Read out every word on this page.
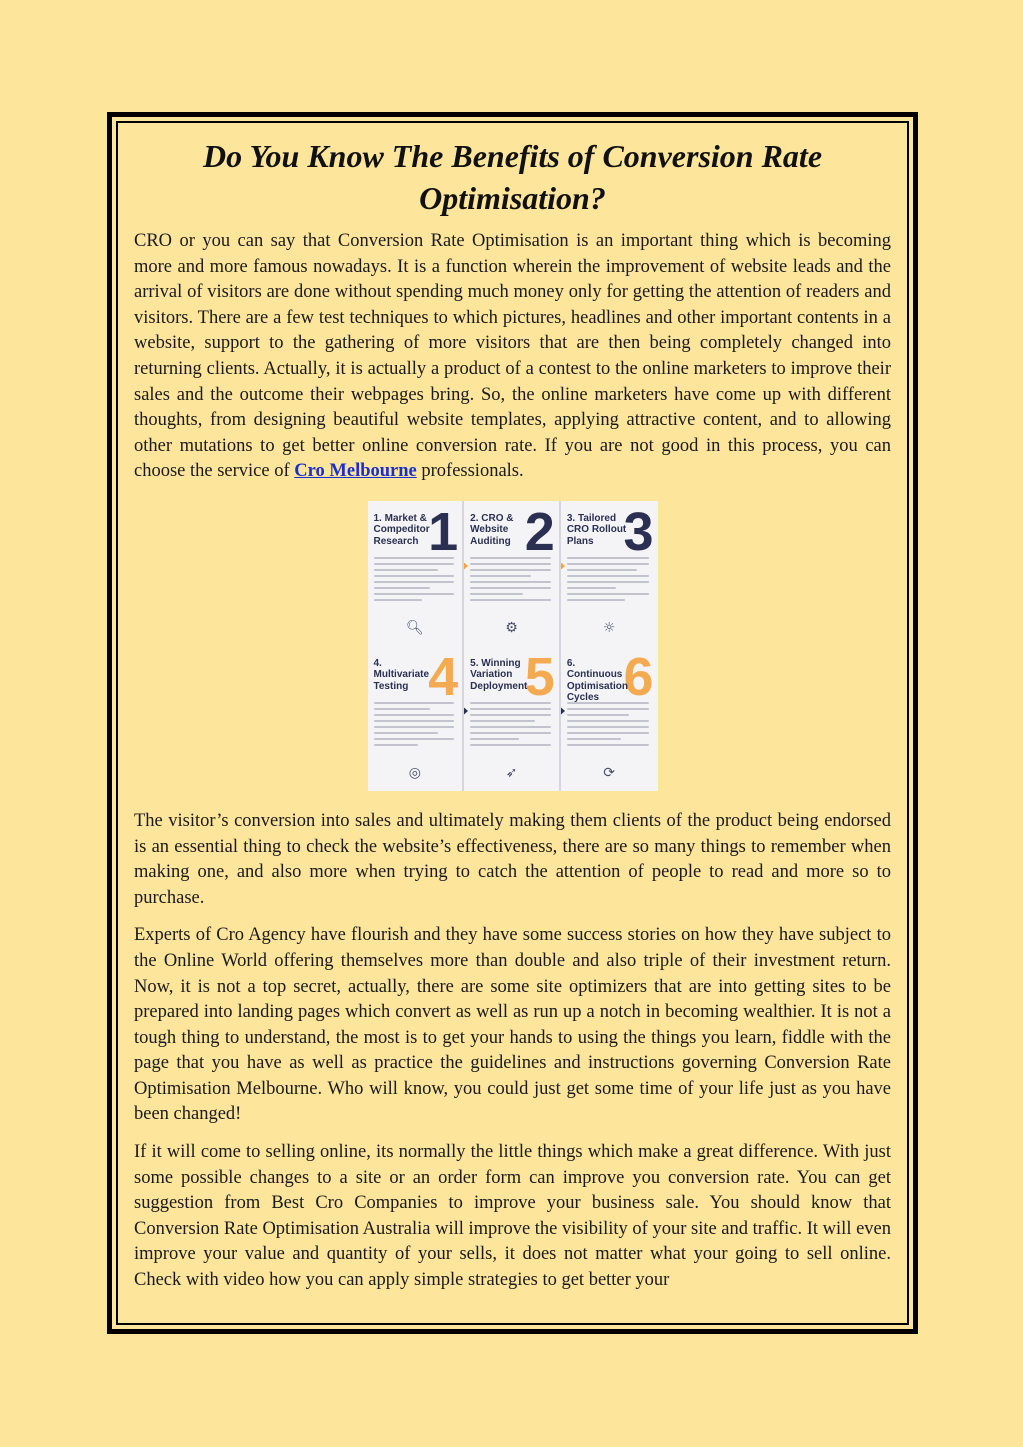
Do You Know The Benefits of Conversion Rate Optimisation?

CRO or you can say that Conversion Rate Optimisation is an important thing which is becoming more and more famous nowadays. It is a function wherein the improvement of website leads and the arrival of visitors are done without spending much money only for getting the attention of readers and visitors. There are a few test techniques to which pictures, headlines and other important contents in a website, support to the gathering of more visitors that are then being completely changed into returning clients. Actually, it is actually a product of a contest to the online marketers to improve their sales and the outcome their webpages bring. So, the online marketers have come up with different thoughts, from designing beautiful website templates, applying attractive content, and to allowing other mutations to get better online conversion rate. If you are not good in this process, you can choose the service of Cro Melbourne professionals.

1
1. Market & Compeditor Research
🔍︎
2
2. CRO & Website Auditing
⚙
3
3. Tailored CRO Rollout Plans
☼
4
4. Multivariate Testing
◎
5
5. Winning Variation Deployment
➶
6
6. Continuous Optimisation Cycles
⟳

The visitor’s conversion into sales and ultimately making them clients of the product being endorsed is an essential thing to check the website’s effectiveness, there are so many things to remember when making one, and also more when trying to catch the attention of people to read and more so to purchase.

Experts of Cro Agency have flourish and they have some success stories on how they have subject to the Online World offering themselves more than double and also triple of their investment return. Now, it is not a top secret, actually, there are some site optimizers that are into getting sites to be prepared into landing pages which convert as well as run up a notch in becoming wealthier. It is not a tough thing to understand, the most is to get your hands to using the things you learn, fiddle with the page that you have as well as practice the guidelines and instructions governing Conversion Rate Optimisation Melbourne. Who will know, you could just get some time of your life just as you have been changed!

If it will come to selling online, its normally the little things which make a great difference. With just some possible changes to a site or an order form can improve you conversion rate. You can get suggestion from Best Cro Companies to improve your business sale. You should know that Conversion Rate Optimisation Australia will improve the visibility of your site and traffic. It will even improve your value and quantity of your sells, it does not matter what your going to sell online. Check with video how you can apply simple strategies to get better your
